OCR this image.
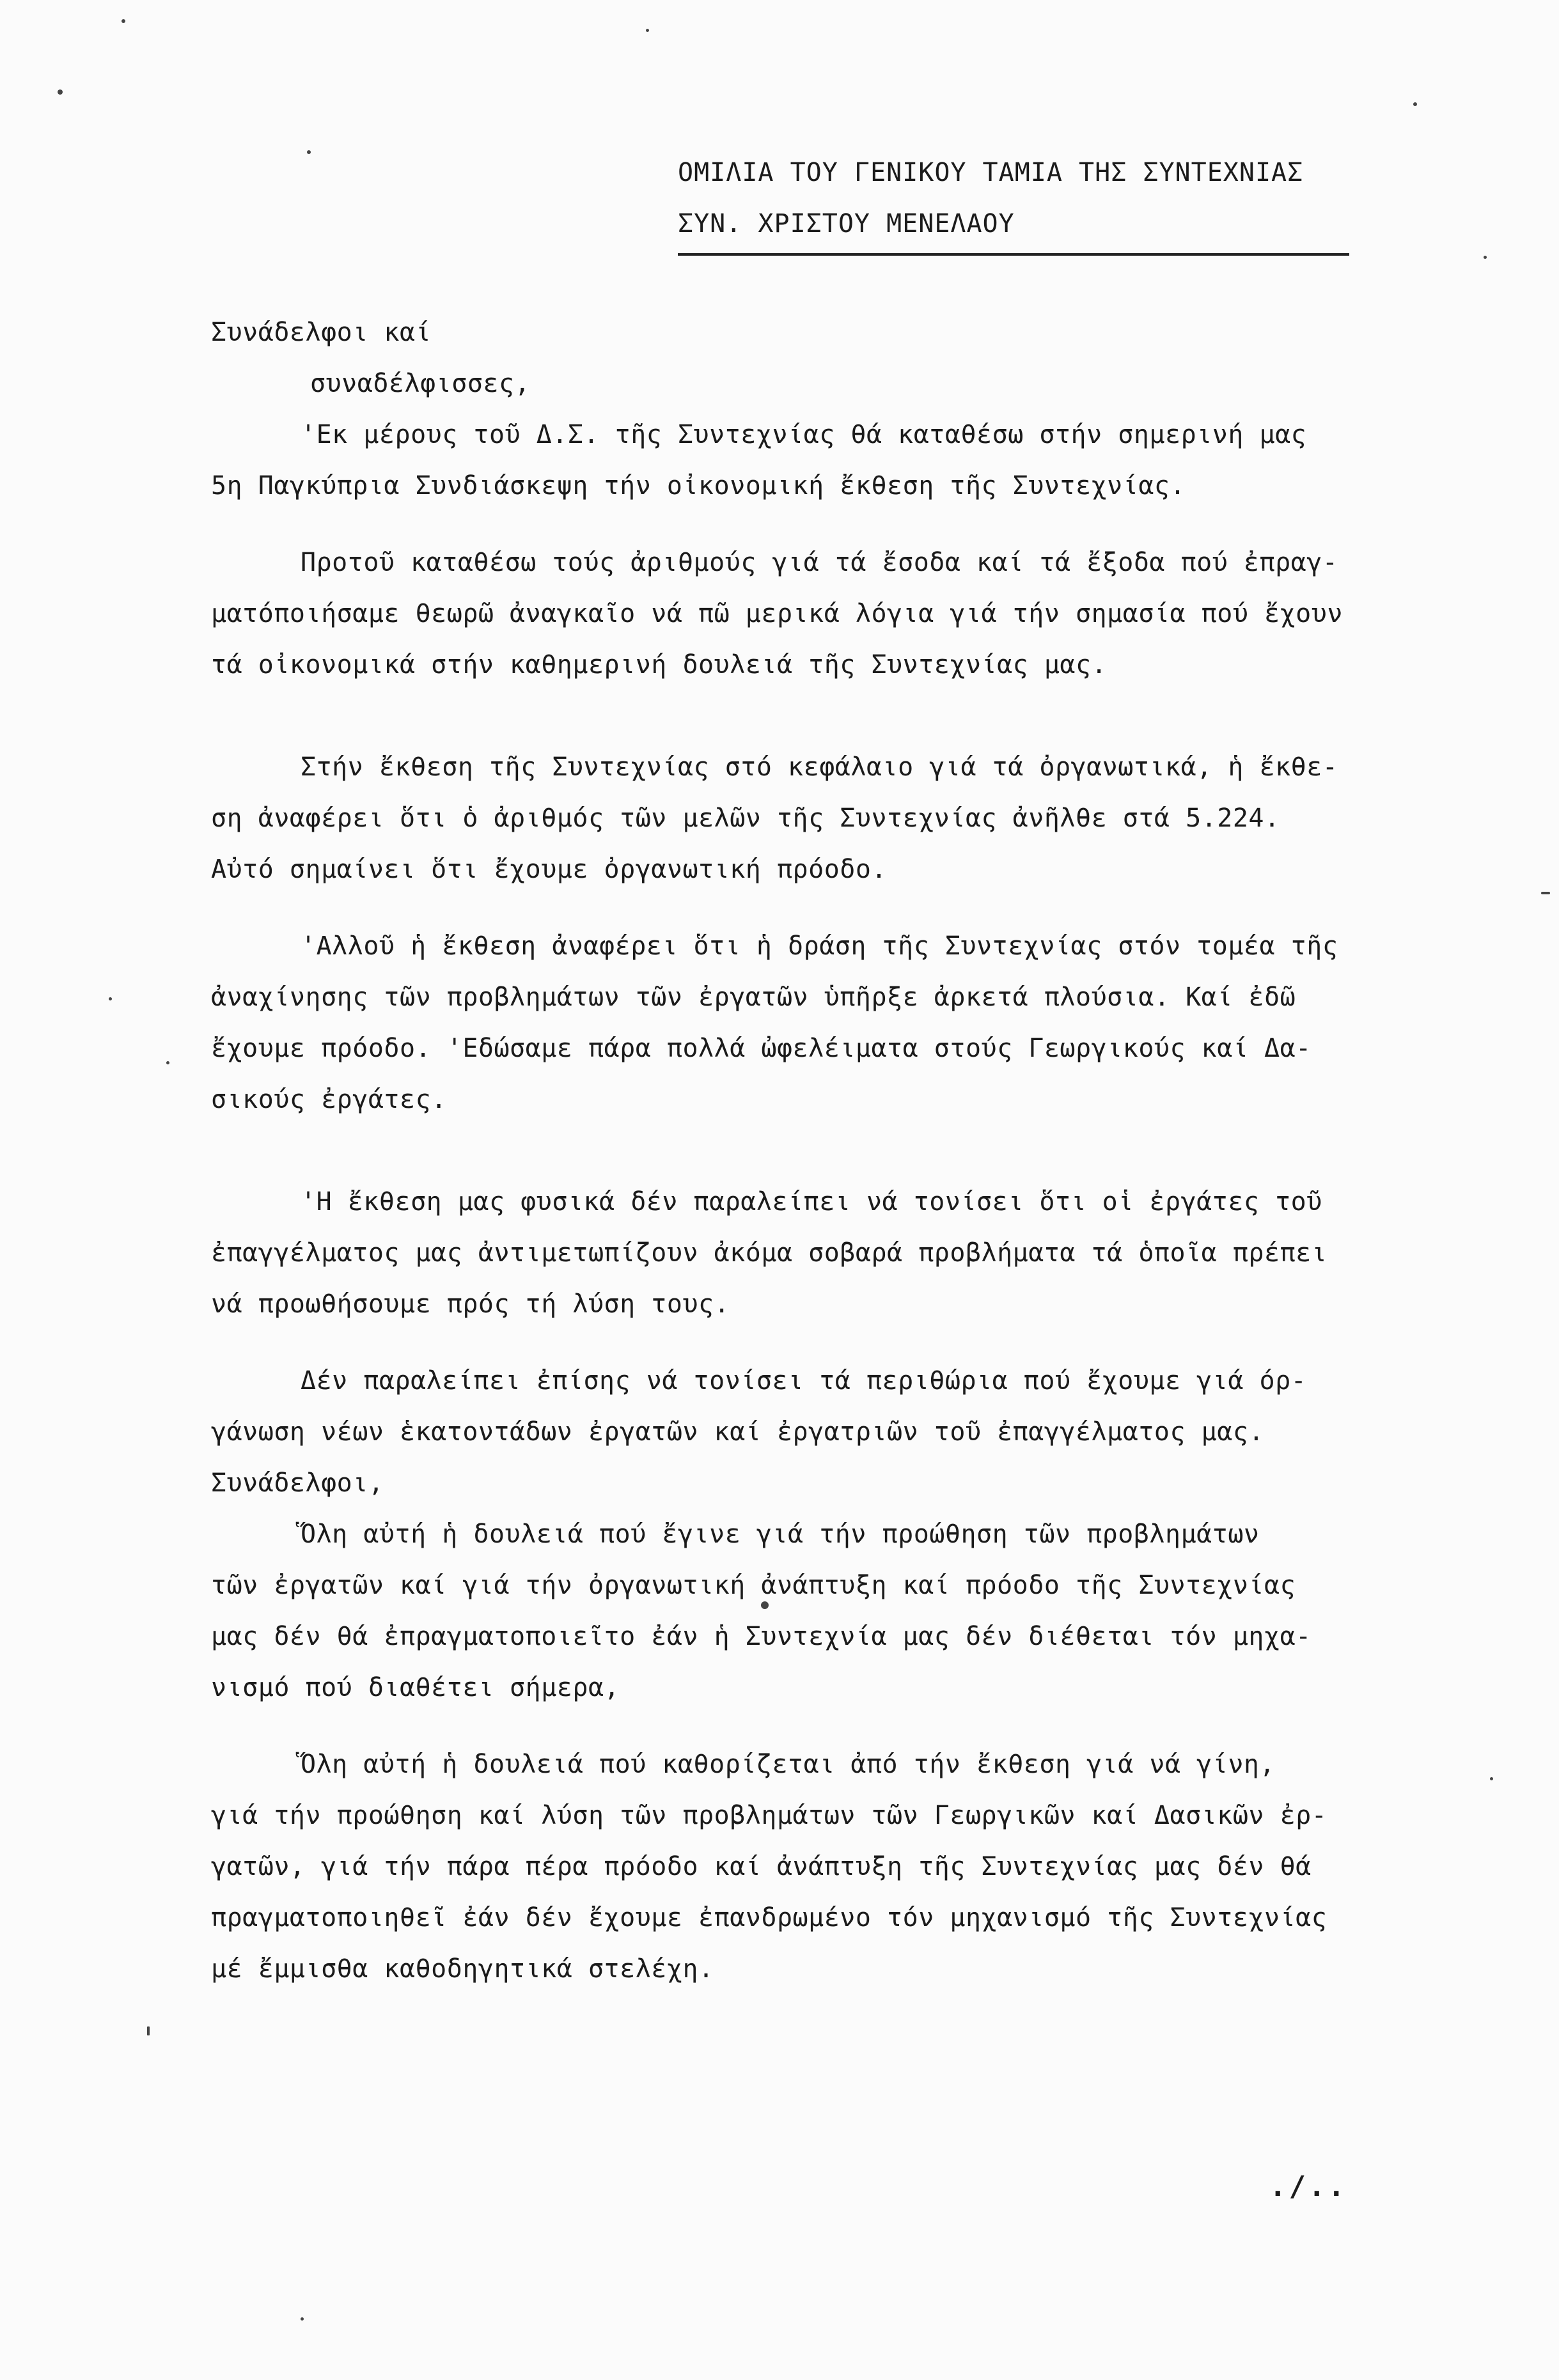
ΟΜΙΛΙΑ ΤΟΥ ΓΕΝΙΚΟΥ ΤΑΜΙΑ ΤΗΣ ΣΥΝΤΕΧΝΙΑΣ
ΣΥΝ. ΧΡΙΣΤΟΥ ΜΕΝΕΛΑΟΥ
Συνάδελφοι καί
συναδέλφισσες,
'Εκ μέρους τοῦ Δ.Σ. τῆς Συντεχνίας θά καταθέσω στήν σημερινή μας
5η Παγκύπρια Συνδιάσκεψη τήν οἰκονομική ἔκθεση τῆς Συντεχνίας.
Προτοῦ καταθέσω τούς ἀριθμούς γιά τά ἔσοδα καί τά ἔξοδα πού ἐπραγ-
ματόποιήσαμε θεωρῶ ἀναγκαῖο νά πῶ μερικά λόγια γιά τήν σημασία πού ἔχουν
τά οἰκονομικά στήν καθημερινή δουλειά τῆς Συντεχνίας μας.
Στήν ἔκθεση τῆς Συντεχνίας στό κεφάλαιο γιά τά ὀργανωτικά, ἡ ἔκθε-
ση ἀναφέρει ὅτι ὁ ἀριθμός τῶν μελῶν τῆς Συντεχνίας ἀνῆλθε στά 5.224.
Αὐτό σημαίνει ὅτι ἔχουμε ὀργανωτική πρόοδο.
'Αλλοῦ ἡ ἔκθεση ἀναφέρει ὅτι ἡ δράση τῆς Συντεχνίας στόν τομέα τῆς
ἀναχίνησης τῶν προβλημάτων τῶν ἐργατῶν ὑπῆρξε ἀρκετά πλούσια. Καί ἐδῶ
ἔχουμε πρόοδο. 'Εδώσαμε πάρα πολλά ὠφελέιματα στούς Γεωργικούς καί Δα-
σικούς ἐργάτες.
'Η ἔκθεση μας φυσικά δέν παραλείπει νά τονίσει ὅτι οἱ ἐργάτες τοῦ
ἐπαγγέλματος μας ἀντιμετωπίζουν ἀκόμα σοβαρά προβλήματα τά ὁποῖα πρέπει
νά προωθήσουμε πρός τή λύση τους.
Δέν παραλείπει ἐπίσης νά τονίσει τά περιθώρια πού ἔχουμε γιά όρ-
γάνωση νέων ἑκατοντάδων ἐργατῶν καί ἐργατριῶν τοῦ ἐπαγγέλματος μας.
Συνάδελφοι,
Ὅλη αὐτή ἡ δουλειά πού ἔγινε γιά τήν προώθηση τῶν προβλημάτων
τῶν ἐργατῶν καί γιά τήν ὀργανωτική ἀνάπτυξη καί πρόοδο τῆς Συντεχνίας
μας δέν θά ἐπραγματοποιεῖτο ἐάν ἡ Συντεχνία μας δέν διέθεται τόν μηχα-
νισμό πού διαθέτει σήμερα,
Ὅλη αὐτή ἡ δουλειά πού καθορίζεται ἀπό τήν ἔκθεση γιά νά γίνη,
γιά τήν προώθηση καί λύση τῶν προβλημάτων τῶν Γεωργικῶν καί Δασικῶν ἐρ-
γατῶν, γιά τήν πάρα πέρα πρόοδο καί ἀνάπτυξη τῆς Συντεχνίας μας δέν θά
πραγματοποιηθεῖ ἐάν δέν ἔχουμε ἐπανδρωμένο τόν μηχανισμό τῆς Συντεχνίας
μέ ἔμμισθα καθοδηγητικά στελέχη.
./..
